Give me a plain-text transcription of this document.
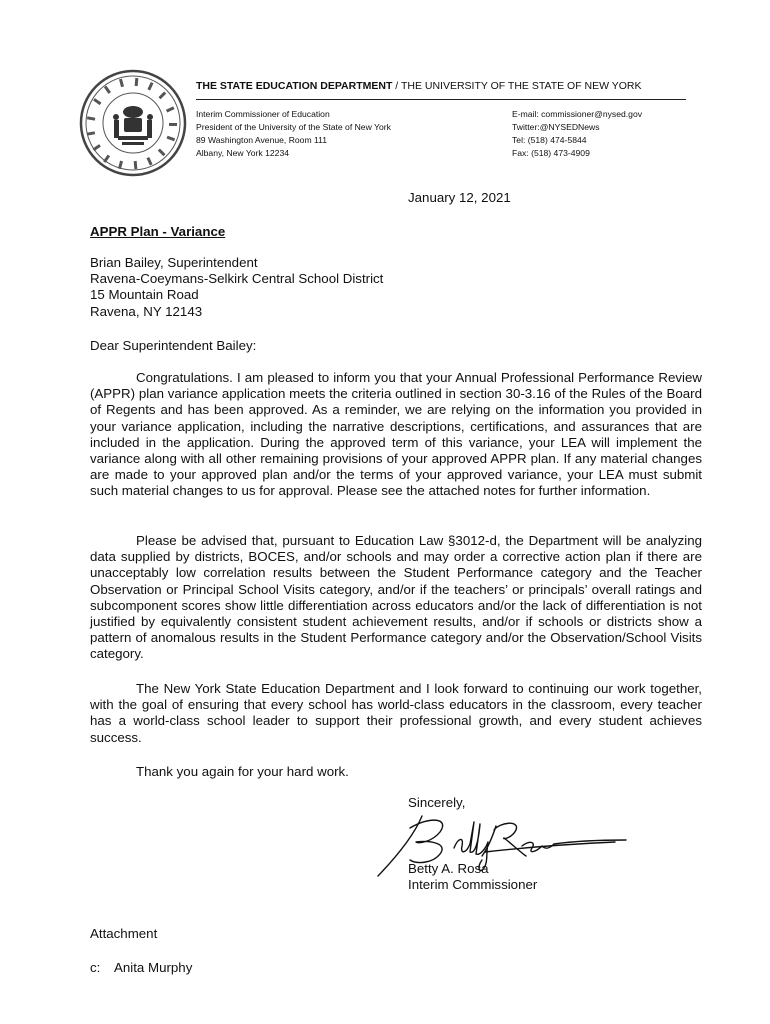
THE STATE EDUCATION DEPARTMENT / THE UNIVERSITY OF THE STATE OF NEW YORK
Interim Commissioner of Education
President of the University of the State of New York
89 Washington Avenue, Room 111
Albany, New York 12234
E-mail: commissioner@nysed.gov
Twitter:@NYSEDNews
Tel: (518) 474-5844
Fax: (518) 473-4909
January 12, 2021
APPR Plan - Variance
Brian Bailey, Superintendent
Ravena-Coeymans-Selkirk Central School District
15 Mountain Road
Ravena, NY 12143
Dear Superintendent Bailey:

Congratulations. I am pleased to inform you that your Annual Professional Performance Review (APPR) plan variance application meets the criteria outlined in section 30-3.16 of the Rules of the Board of Regents and has been approved. As a reminder, we are relying on the information you provided in your variance application, including the narrative descriptions, certifications, and assurances that are included in the application. During the approved term of this variance, your LEA will implement the variance along with all other remaining provisions of your approved APPR plan. If any material changes are made to your approved plan and/or the terms of your approved variance, your LEA must submit such material changes to us for approval. Please see the attached notes for further information.

Please be advised that, pursuant to Education Law §3012-d, the Department will be analyzing data supplied by districts, BOCES, and/or schools and may order a corrective action plan if there are unacceptably low correlation results between the Student Performance category and the Teacher Observation or Principal School Visits category, and/or if the teachers’ or principals’ overall ratings and subcomponent scores show little differentiation across educators and/or the lack of differentiation is not justified by equivalently consistent student achievement results, and/or if schools or districts show a pattern of anomalous results in the Student Performance category and/or the Observation/School Visits category.

The New York State Education Department and I look forward to continuing our work together, with the goal of ensuring that every school has world-class educators in the classroom, every teacher has a world-class school leader to support their professional growth, and every student achieves success.

Thank you again for your hard work.

Sincerely,
Betty A. Rosa
Interim Commissioner
Attachment
c: Anita Murphy
